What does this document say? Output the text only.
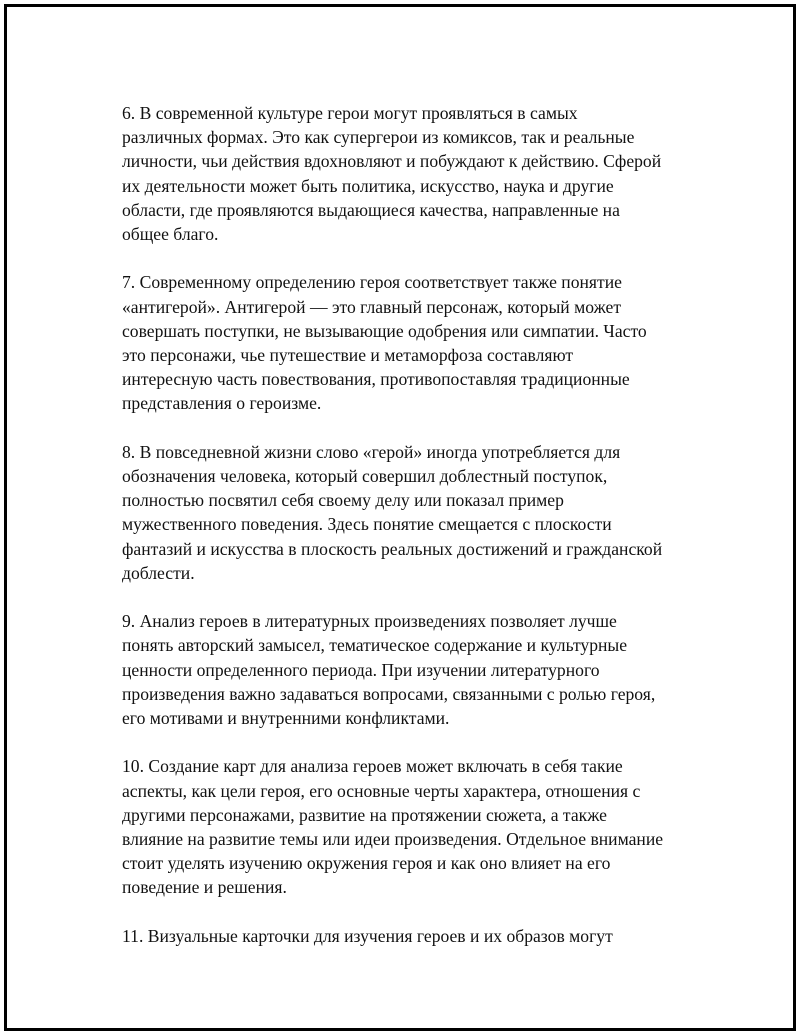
6. В современной культуре герои могут проявляться в самых
различных формах. Это как супергерои из комиксов, так и реальные
личности, чьи действия вдохновляют и побуждают к действию. Сферой
их деятельности может быть политика, искусство, наука и другие
области, где проявляются выдающиеся качества, направленные на
общее благо.

7. Современному определению героя соответствует также понятие
«антигерой». Антигерой — это главный персонаж, который может
совершать поступки, не вызывающие одобрения или симпатии. Часто
это персонажи, чье путешествие и метаморфоза составляют
интересную часть повествования, противопоставляя традиционные
представления о героизме.

8. В повседневной жизни слово «герой» иногда употребляется для
обозначения человека, который совершил доблестный поступок,
полностью посвятил себя своему делу или показал пример
мужественного поведения. Здесь понятие смещается с плоскости
фантазий и искусства в плоскость реальных достижений и гражданской
доблести.

9. Анализ героев в литературных произведениях позволяет лучше
понять авторский замысел, тематическое содержание и культурные
ценности определенного периода. При изучении литературного
произведения важно задаваться вопросами, связанными с ролью героя,
его мотивами и внутренними конфликтами.

10. Создание карт для анализа героев может включать в себя такие
аспекты, как цели героя, его основные черты характера, отношения с
другими персонажами, развитие на протяжении сюжета, а также
влияние на развитие темы или идеи произведения. Отдельное внимание
стоит уделять изучению окружения героя и как оно влияет на его
поведение и решения.

11. Визуальные карточки для изучения героев и их образов могут
